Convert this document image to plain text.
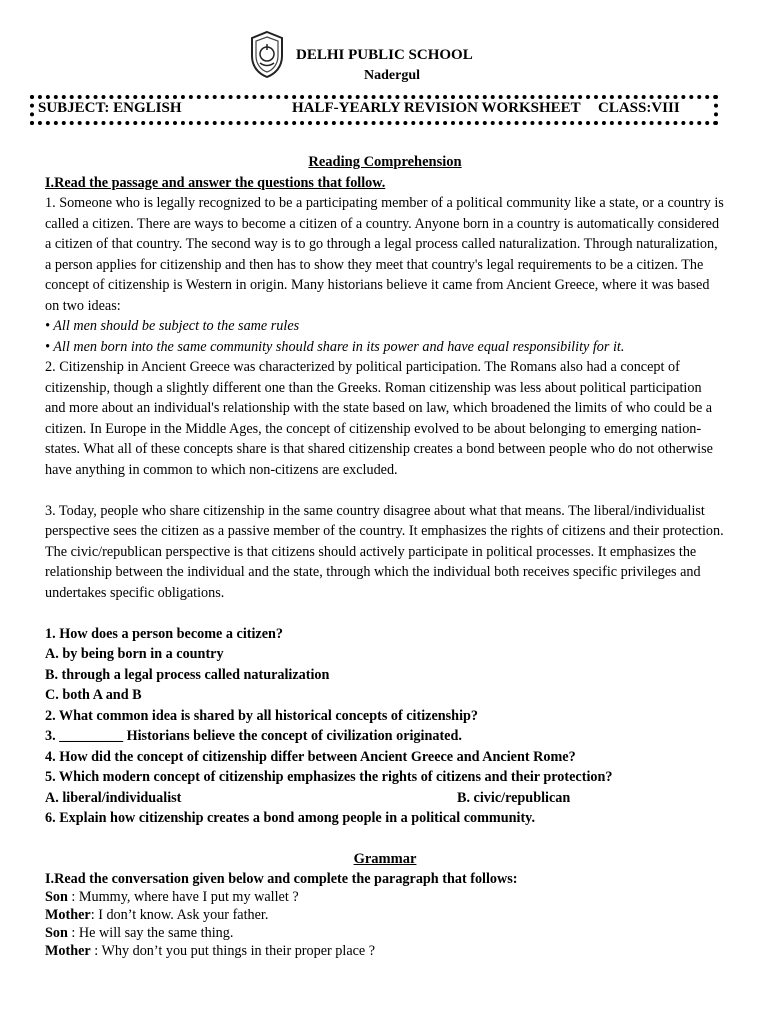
DELHI PUBLIC SCHOOL
Nadergul
SUBJECT: ENGLISH	HALF-YEARLY REVISION WORKSHEET CLASS:VIII

Reading Comprehension

I.Read the passage and answer the questions that follow.

1. Someone who is legally recognized to be a participating member of a political community like a state, or a country is called a citizen. There are ways to become a citizen of a country. Anyone born in a country is automatically considered a citizen of that country. The second way is to go through a legal process called naturalization. Through naturalization, a person applies for citizenship and then has to show they meet that country's legal requirements to be a citizen. The concept of citizenship is Western in origin. Many historians believe it came from Ancient Greece, where it was based on two ideas:

• All men should be subject to the same rules

• All men born into the same community should share in its power and have equal responsibility for it.

2. Citizenship in Ancient Greece was characterized by political participation. The Romans also had a concept of citizenship, though a slightly different one than the Greeks. Roman citizenship was less about political participation and more about an individual's relationship with the state based on law, which broadened the limits of who could be a citizen. In Europe in the Middle Ages, the concept of citizenship evolved to be about belonging to emerging nation-states. What all of these concepts share is that shared citizenship creates a bond between people who do not otherwise have anything in common to which non-citizens are excluded.

3. Today, people who share citizenship in the same country disagree about what that means. The liberal/individualist perspective sees the citizen as a passive member of the country. It emphasizes the rights of citizens and their protection. The civic/republican perspective is that citizens should actively participate in political processes. It emphasizes the relationship between the individual and the state, through which the individual both receives specific privileges and undertakes specific obligations.

1. How does a person become a citizen?

A. by being born in a country

B. through a legal process called naturalization

C. both A and B

2. What common idea is shared by all historical concepts of citizenship?

3. _________ Historians believe the concept of civilization originated.

4. How did the concept of citizenship differ between Ancient Greece and Ancient Rome?

5. Which modern concept of citizenship emphasizes the rights of citizens and their protection?

A. liberal/individualist	B. civic/republican

6. Explain how citizenship creates a bond among people in a political community.

Grammar

I.Read the conversation given below and complete the paragraph that follows:

Son : Mummy, where have I put my wallet ?

Mother: I don’t know. Ask your father.

Son : He will say the same thing.

Mother : Why don’t you put things in their proper place ?
